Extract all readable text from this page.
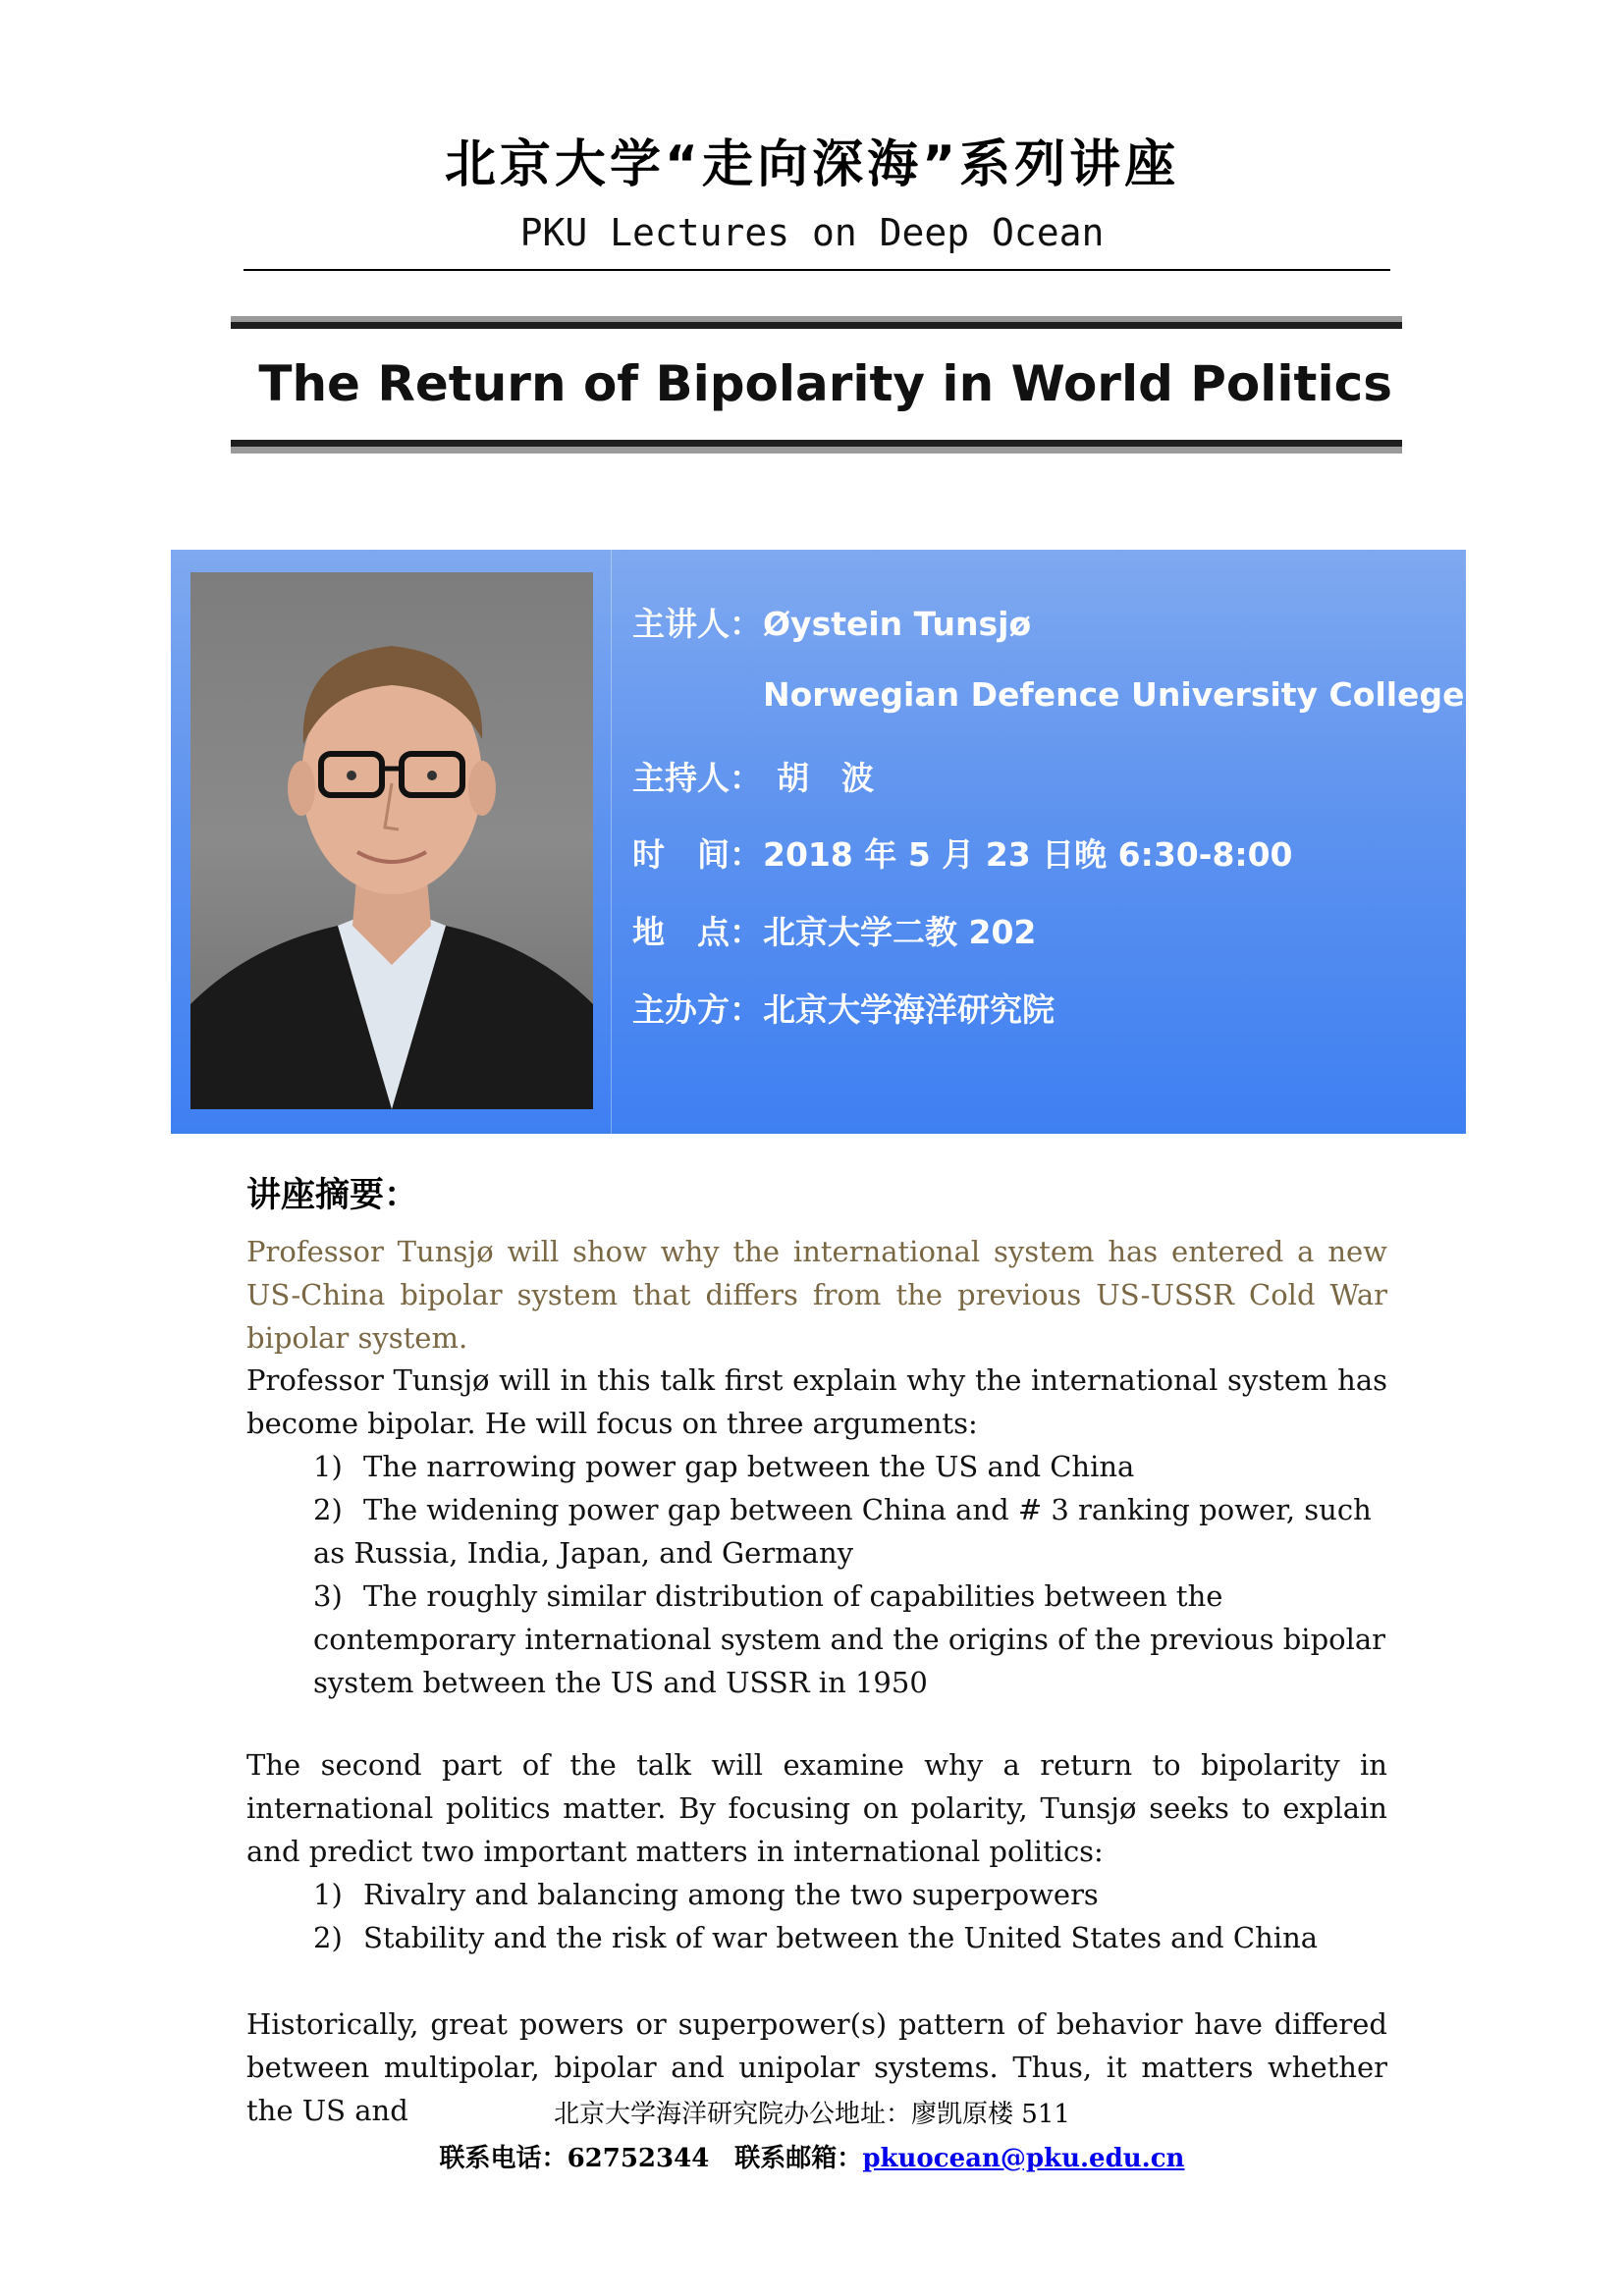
北京大学“走向深海”系列讲座
PKU Lectures on Deep Ocean
The Return of Bipolarity in World Politics
主讲人：Øystein Tunsjø
Norwegian Defence University College
主持人： 胡　波
时　间：2018 年 5 月 23 日晚 6:30-8:00
地　点：北京大学二教 202
主办方：北京大学海洋研究院
讲座摘要：
Professor Tunsjø will show why the international system has entered a new US-China bipolar system that differs from the previous US-USSR Cold War bipolar system.
Professor Tunsjø will in this talk first explain why the international system has become bipolar. He will focus on three arguments:
1) The narrowing power gap between the US and China
2) The widening power gap between China and # 3 ranking power, such as Russia, India, Japan, and Germany
3) The roughly similar distribution of capabilities between the contemporary international system and the origins of the previous bipolar system between the US and USSR in 1950
The second part of the talk will examine why a return to bipolarity in international politics matter. By focusing on polarity, Tunsjø seeks to explain and predict two important matters in international politics:
1) Rivalry and balancing among the two superpowers
2) Stability and the risk of war between the United States and China
Historically, great powers or superpower(s) pattern of behavior have differed between multipolar, bipolar and unipolar systems. Thus, it matters whether the US and	北京大学海洋研究院办公地址：廖凯原楼 511
联系电话：62752344 联系邮箱：pkuocean@pku.edu.cn
